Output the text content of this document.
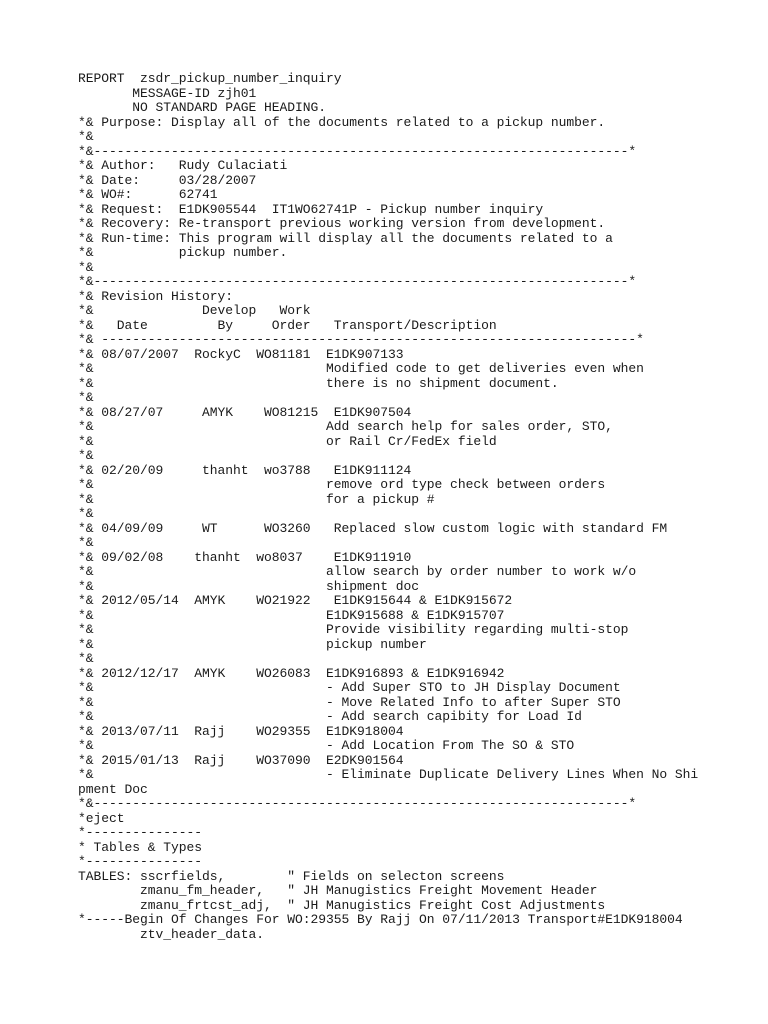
REPORT  zsdr_pickup_number_inquiry
MESSAGE-ID zjh01
NO STANDARD PAGE HEADING.
*& Purpose: Display all of the documents related to a pickup number.
*&
*&---------------------------------------------------------------------*
*& Author:   Rudy Culaciati
*& Date:     03/28/2007
*& WO#:      62741
*& Request:  E1DK905544  IT1WO62741P - Pickup number inquiry
*& Recovery: Re-transport previous working version from development.
*& Run-time: This program will display all the documents related to a
*&           pickup number.
*&
*&---------------------------------------------------------------------*
*& Revision History:
*&              Develop   Work
*&   Date         By     Order   Transport/Description
*& ---------------------------------------------------------------------*
*& 08/07/2007  RockyC  WO81181  E1DK907133
*&                              Modified code to get deliveries even when
*&                              there is no shipment document.
*&
*& 08/27/07     AMYK    WO81215  E1DK907504
*&                              Add search help for sales order, STO,
*&                              or Rail Cr/FedEx field
*&
*& 02/20/09     thanht  wo3788   E1DK911124
*&                              remove ord type check between orders
*&                              for a pickup #
*&
*& 04/09/09     WT      WO3260   Replaced slow custom logic with standard FM
*&
*& 09/02/08    thanht  wo8037    E1DK911910
*&                              allow search by order number to work w/o
*&                              shipment doc
*& 2012/05/14  AMYK    WO21922   E1DK915644 & E1DK915672
*&                              E1DK915688 & E1DK915707
*&                              Provide visibility regarding multi-stop
*&                              pickup number
*&
*& 2012/12/17  AMYK    WO26083  E1DK916893 & E1DK916942
*&                              - Add Super STO to JH Display Document
*&                              - Move Related Info to after Super STO
*&                              - Add search capibity for Load Id
*& 2013/07/11  Rajj    WO29355  E1DK918004
*&                              - Add Location From The SO & STO
*& 2015/01/13  Rajj    WO37090  E2DK901564
*&                              - Eliminate Duplicate Delivery Lines When No Shi
pment Doc
*&---------------------------------------------------------------------*
*eject
*---------------
* Tables & Types
*---------------
TABLES: sscrfields,        " Fields on selecton screens
zmanu_fm_header,   " JH Manugistics Freight Movement Header
zmanu_frtcst_adj,  " JH Manugistics Freight Cost Adjustments
*-----Begin Of Changes For WO:29355 By Rajj On 07/11/2013 Transport#E1DK918004
ztv_header_data.
